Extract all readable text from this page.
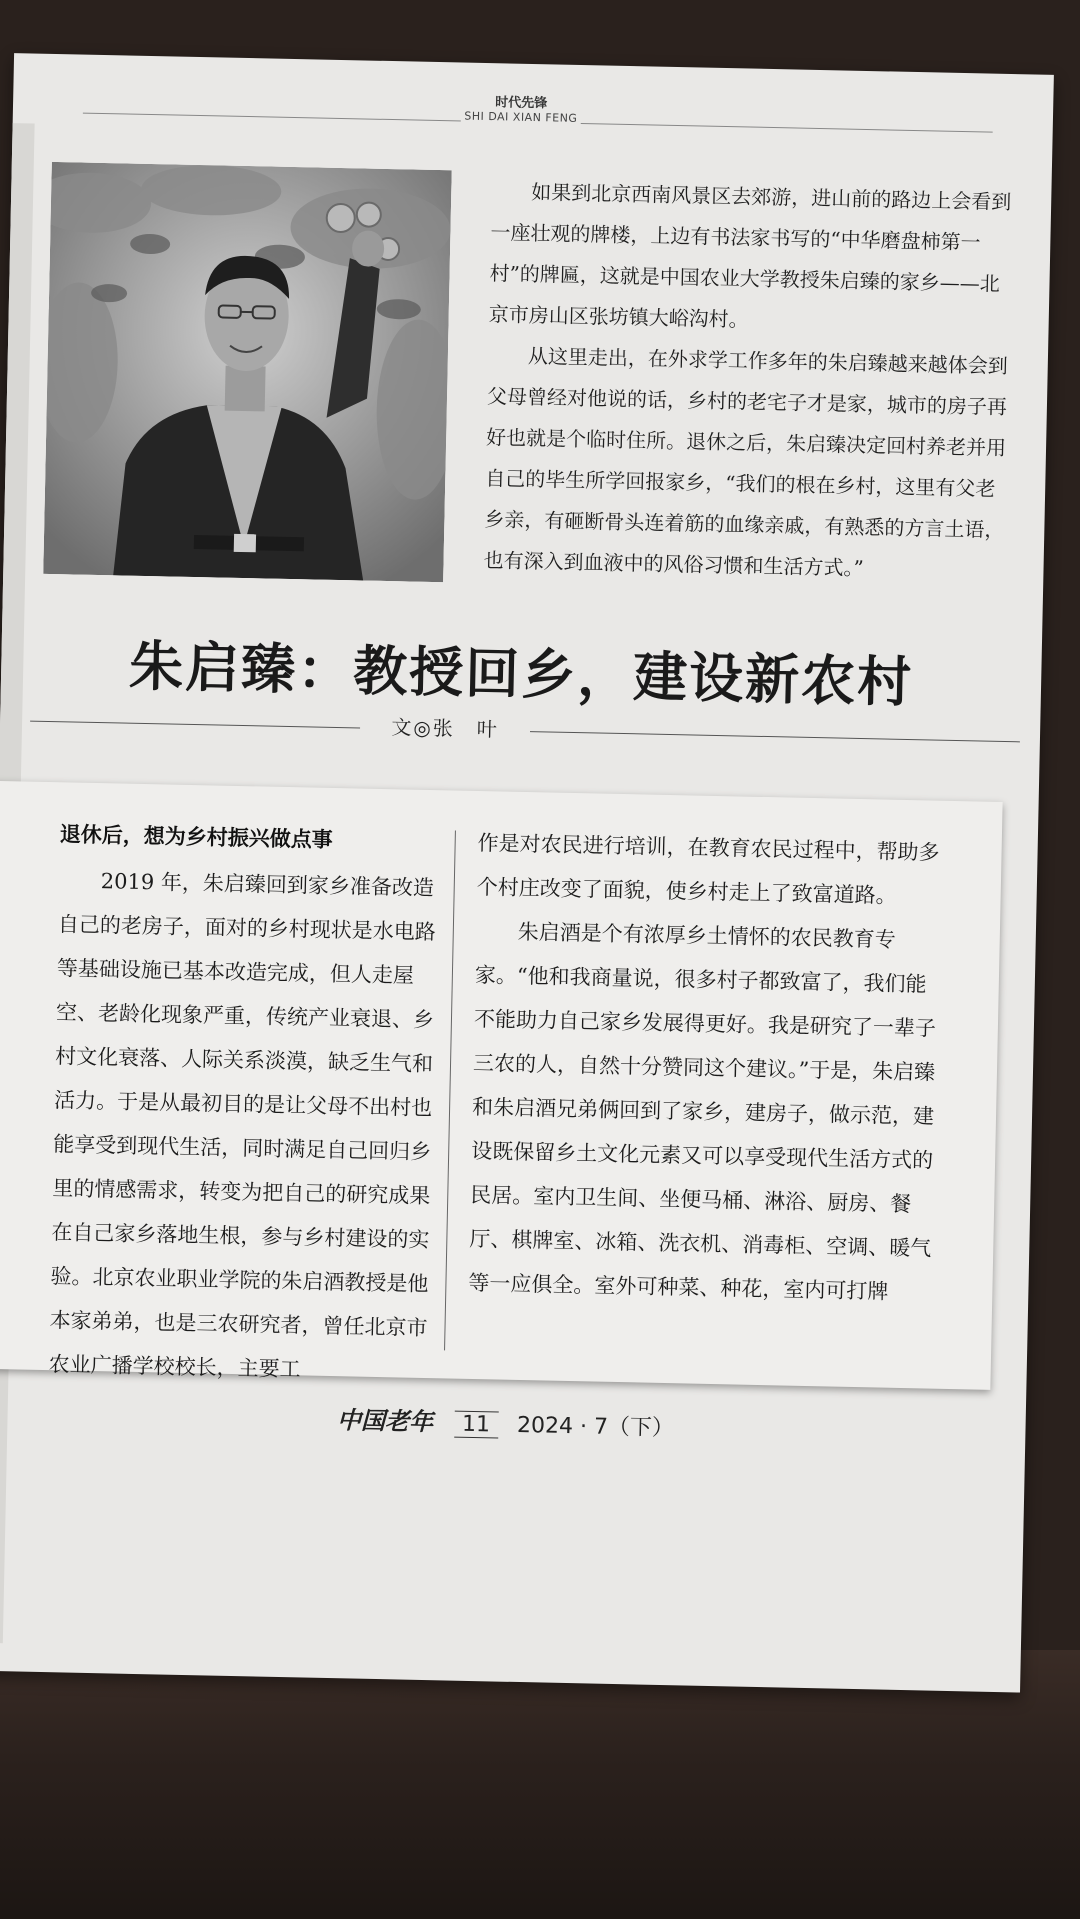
时代先锋
SHI DAI XIAN FENG

如果到北京西南风景区去郊游，进山前的路边上会看到一座壮观的牌楼，上边有书法家书写的“中华磨盘柿第一村”的牌匾，这就是中国农业大学教授朱启臻的家乡——北京市房山区张坊镇大峪沟村。

从这里走出，在外求学工作多年的朱启臻越来越体会到父母曾经对他说的话，乡村的老宅子才是家，城市的房子再好也就是个临时住所。退休之后，朱启臻决定回村养老并用自己的毕生所学回报家乡，“我们的根在乡村，这里有父老乡亲，有砸断骨头连着筋的血缘亲戚，有熟悉的方言土语，也有深入到血液中的风俗习惯和生活方式。”

朱启臻：教授回乡，建设新农村
文◎张　叶
退休后，想为乡村振兴做点事

2019 年，朱启臻回到家乡准备改造自己的老房子，面对的乡村现状是水电路等基础设施已基本改造完成，但人走屋空、老龄化现象严重，传统产业衰退、乡村文化衰落、人际关系淡漠，缺乏生气和活力。于是从最初目的是让父母不出村也能享受到现代生活，同时满足自己回归乡里的情感需求，转变为把自己的研究成果在自己家乡落地生根，参与乡村建设的实验。北京农业职业学院的朱启酒教授是他本家弟弟，也是三农研究者，曾任北京市农业广播学校校长，主要工

作是对农民进行培训，在教育农民过程中，帮助多个村庄改变了面貌，使乡村走上了致富道路。

朱启酒是个有浓厚乡土情怀的农民教育专家。“他和我商量说，很多村子都致富了，我们能不能助力自己家乡发展得更好。我是研究了一辈子三农的人，自然十分赞同这个建议。”于是，朱启臻和朱启酒兄弟俩回到了家乡，建房子，做示范，建设既保留乡土文化元素又可以享受现代生活方式的民居。室内卫生间、坐便马桶、淋浴、厨房、餐厅、棋牌室、冰箱、洗衣机、消毒柜、空调、暖气等一应俱全。室外可种菜、种花，室内可打牌

中国老年 11 2024 · 7（下）
